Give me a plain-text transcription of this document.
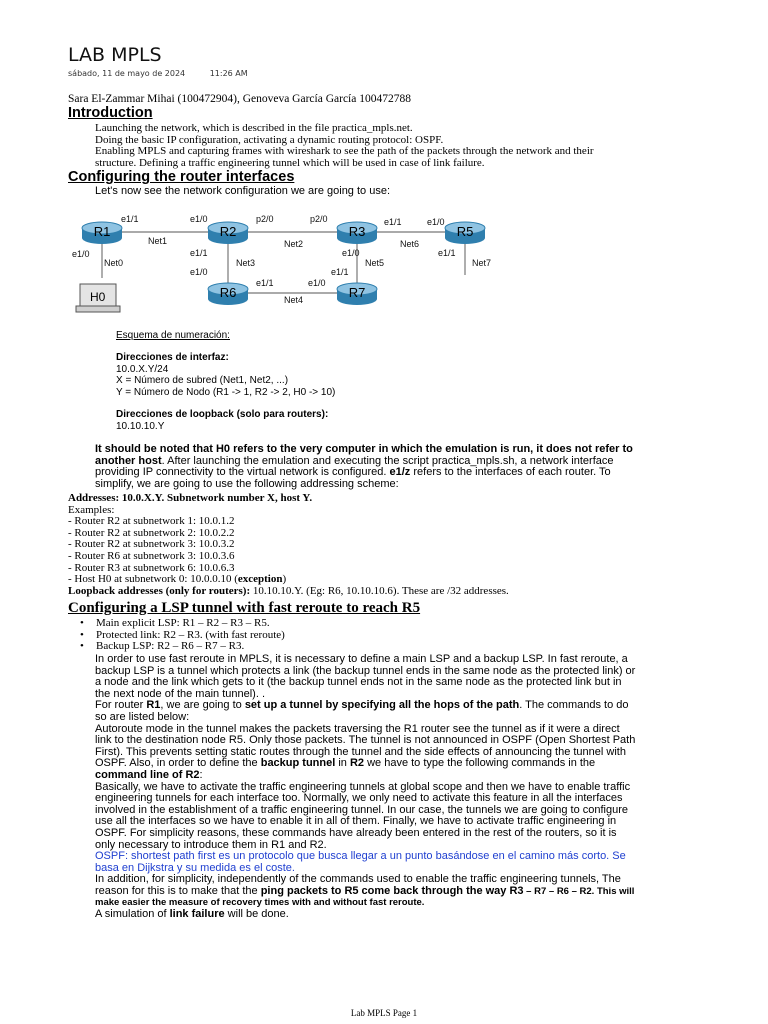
LAB MPLS
sábado, 11 de mayo de 2024	11:26 AM
Sara El-Zammar Mihai (100472904), Genoveva García García 100472788
Introduction
Launching the network, which is described in the file practica_mpls.net.
Doing the basic IP configuration, activating a dynamic routing protocol: OSPF.
Enabling MPLS and capturing frames with wireshark to see the path of the packets through the network and their
structure. Defining a traffic engineering tunnel which will be used in case of link failure.
Configuring the router interfaces
Let's now see the network configuration we are going to use:
R1	R2	R3	R5
R6	R7
H0
e1/1	e1/0	p2/0	p2/0	e1/1	e1/0
Net1	Net2	Net6
e1/0
Net0
e1/1
Net3
e1/0
Net5
e1/1
Net7
e1/0	e1/1
e1/1	e1/0
Net4
Esquema de numeración:
Direcciones de interfaz:
10.0.X.Y/24
X = Número de subred (Net1, Net2, ...)
Y = Número de Nodo (R1 -> 1, R2 -> 2, H0 -> 10)
Direcciones de loopback (solo para routers):
10.10.10.Y
It should be noted that H0 refers to the very computer in which the emulation is run, it does not refer to another host. After launching the emulation and executing the script practica_mpls.sh, a network interface providing IP connectivity to the virtual network is configured. e1/z refers to the interfaces of each router. To simplify, we are going to use the following addressing scheme:
Addresses: 10.0.X.Y. Subnetwork number X, host Y.
Examples:
- Router R2 at subnetwork 1: 10.0.1.2
- Router R2 at subnetwork 2: 10.0.2.2
- Router R2 at subnetwork 3: 10.0.3.2
- Router R6 at subnetwork 3: 10.0.3.6
- Router R3 at subnetwork 6: 10.0.6.3
- Host H0 at subnetwork 0: 10.0.0.10 (exception)
Loopback addresses (only for routers): 10.10.10.Y. (Eg: R6, 10.10.10.6). These are /32 addresses.
Configuring a LSP tunnel with fast reroute to reach R5
• Main explicit LSP: R1 – R2 – R3 – R5.
• Protected link: R2 – R3. (with fast reroute)
• Backup LSP: R2 – R6 – R7 – R3.
In order to use fast reroute in MPLS, it is necessary to define a main LSP and a backup LSP. In fast reroute, a backup LSP is a tunnel which protects a link (the backup tunnel ends in the same node as the protected link) or a node and the link which gets to it (the backup tunnel ends not in the same node as the protected link but in the next node of the main tunnel). .
For router R1, we are going to set up a tunnel by specifying all the hops of the path. The commands to do so are listed below:
Autoroute mode in the tunnel makes the packets traversing the R1 router see the tunnel as if it were a direct link to the destination node R5. Only those packets. The tunnel is not announced in OSPF (Open Shortest Path First). This prevents setting static routes through the tunnel and the side effects of announcing the tunnel with OSPF. Also, in order to define the backup tunnel in R2 we have to type the following commands in the command line of R2:
Basically, we have to activate the traffic engineering tunnels at global scope and then we have to enable traffic engineering tunnels for each interface too. Normally, we only need to activate this feature in all the interfaces involved in the establishment of a traffic engineering tunnel. In our case, the tunnels we are going to configure use all the interfaces so we have to enable it in all of them. Finally, we have to activate traffic engineering in OSPF. For simplicity reasons, these commands have already been entered in the rest of the routers, so it is only necessary to introduce them in R1 and R2.
OSPF: shortest path first es un protocolo que busca llegar a un punto basándose en el camino más corto. Se basa en Dijkstra y su medida es el coste.
In addition, for simplicity, independently of the commands used to enable the traffic engineering tunnels, The reason for this is to make that the ping packets to R5 come back through the way R3 – R7 – R6 – R2. This will make easier the measure of recovery times with and without fast reroute.
A simulation of link failure will be done.
Lab MPLS Page 1
